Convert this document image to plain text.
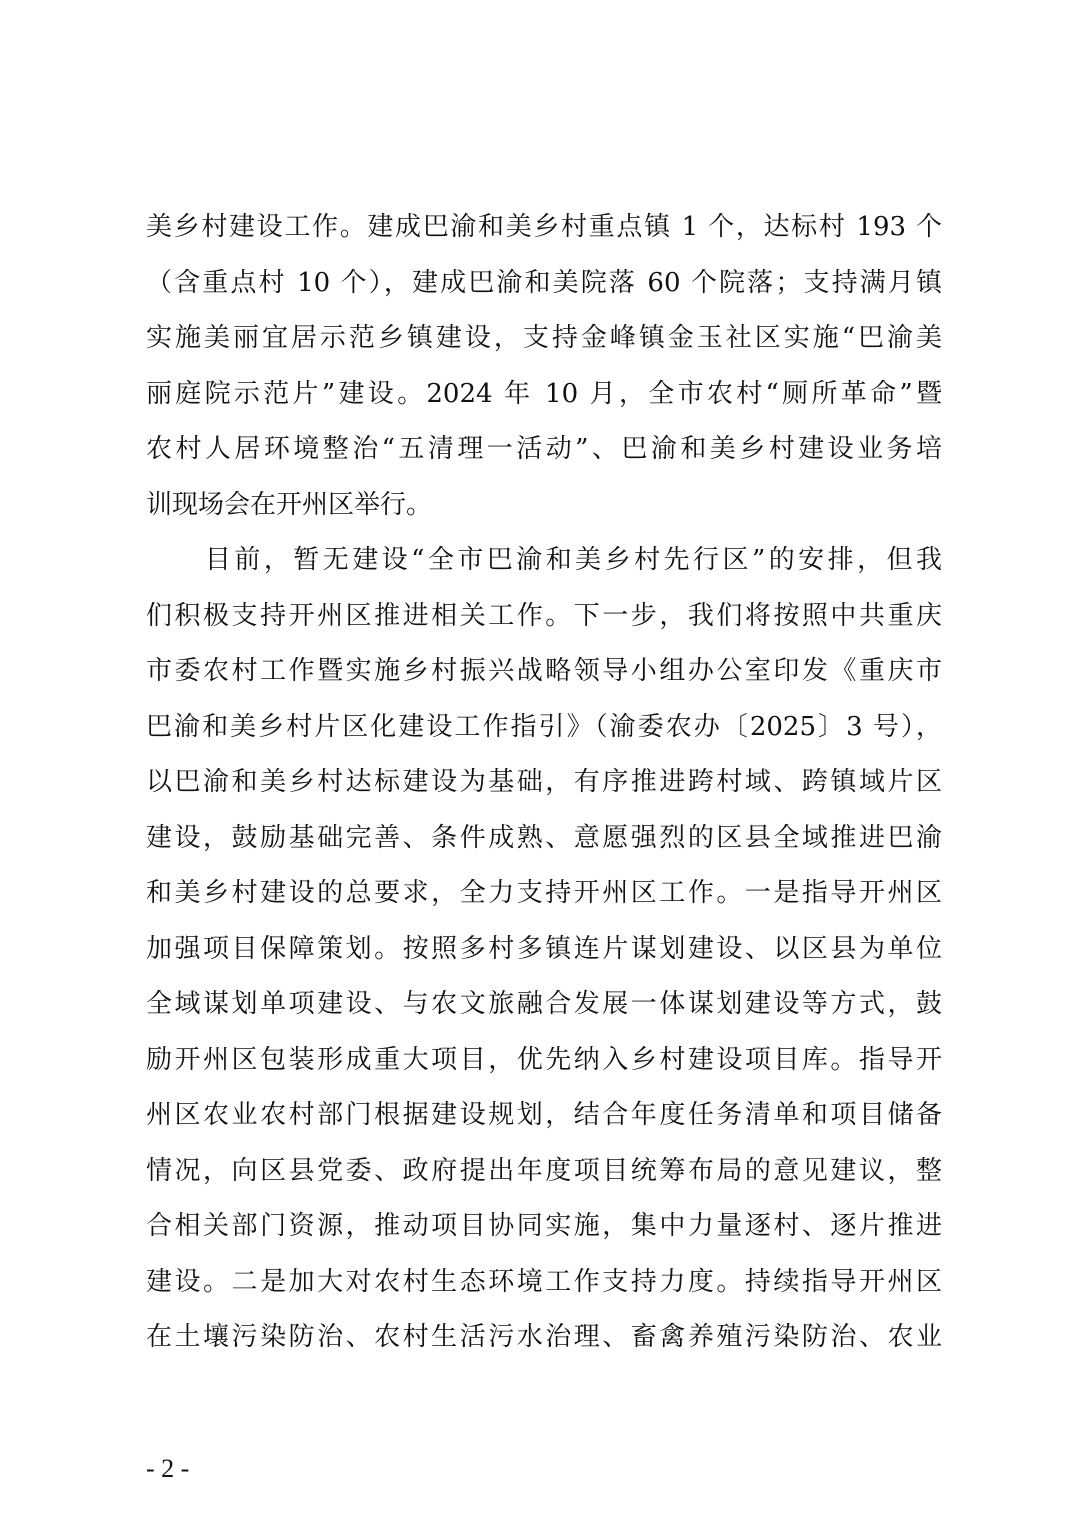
美乡村建设工作。建成巴渝和美乡村重点镇 1 个，达标村 193 个
（含重点村 10 个），建成巴渝和美院落 60 个院落；支持满月镇
实施美丽宜居示范乡镇建设，支持金峰镇金玉社区实施“巴渝美
丽庭院示范片”建设。2024 年 10 月，全市农村“厕所革命”暨
农村人居环境整治“五清理一活动”、巴渝和美乡村建设业务培
训现场会在开州区举行。
　　目前，暂无建设“全市巴渝和美乡村先行区”的安排，但我
们积极支持开州区推进相关工作。下一步，我们将按照中共重庆
市委农村工作暨实施乡村振兴战略领导小组办公室印发《重庆市
巴渝和美乡村片区化建设工作指引》（渝委农办〔2025〕3 号），
以巴渝和美乡村达标建设为基础，有序推进跨村域、跨镇域片区
建设，鼓励基础完善、条件成熟、意愿强烈的区县全域推进巴渝
和美乡村建设的总要求，全力支持开州区工作。一是指导开州区
加强项目保障策划。按照多村多镇连片谋划建设、以区县为单位
全域谋划单项建设、与农文旅融合发展一体谋划建设等方式，鼓
励开州区包装形成重大项目，优先纳入乡村建设项目库。指导开
州区农业农村部门根据建设规划，结合年度任务清单和项目储备
情况，向区县党委、政府提出年度项目统筹布局的意见建议，整
合相关部门资源，推动项目协同实施，集中力量逐村、逐片推进
建设。二是加大对农村生态环境工作支持力度。持续指导开州区
在土壤污染防治、农村生活污水治理、畜禽养殖污染防治、农业
- 2 -
